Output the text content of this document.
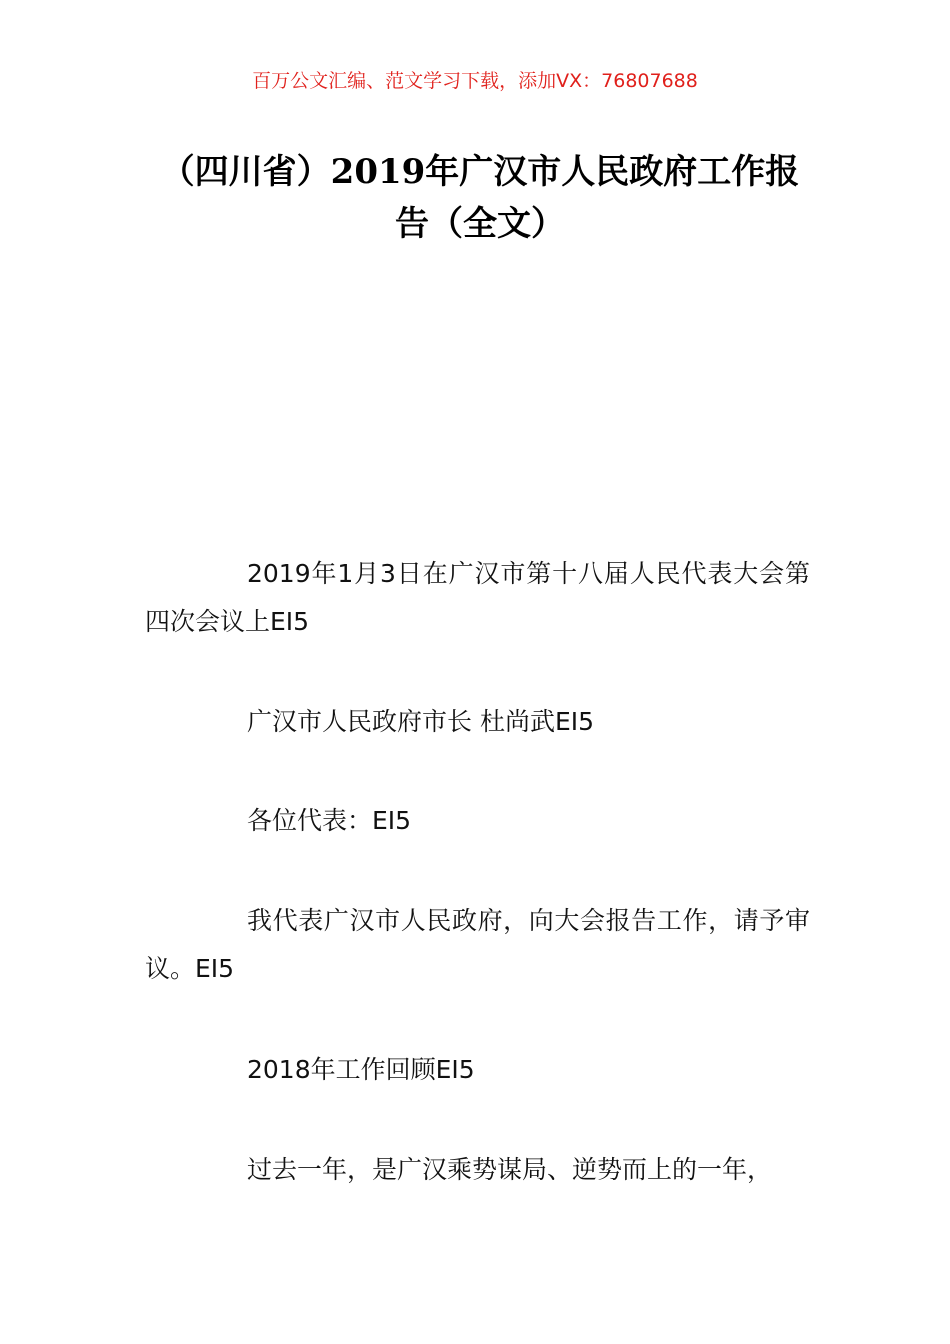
百万公文汇编、范文学习下载，添加VX：76807688
（四川省）2019年广汉市人民政府工作报
告（全文）
2019年1月3日在广汉市第十八届人民代表大会第四次会议上EI5
广汉市人民政府市长 杜尚武EI5
各位代表：EI5
我代表广汉市人民政府，向大会报告工作，请予审议。EI5
2018年工作回顾EI5
过去一年，是广汉乘势谋局、逆势而上的一年，
